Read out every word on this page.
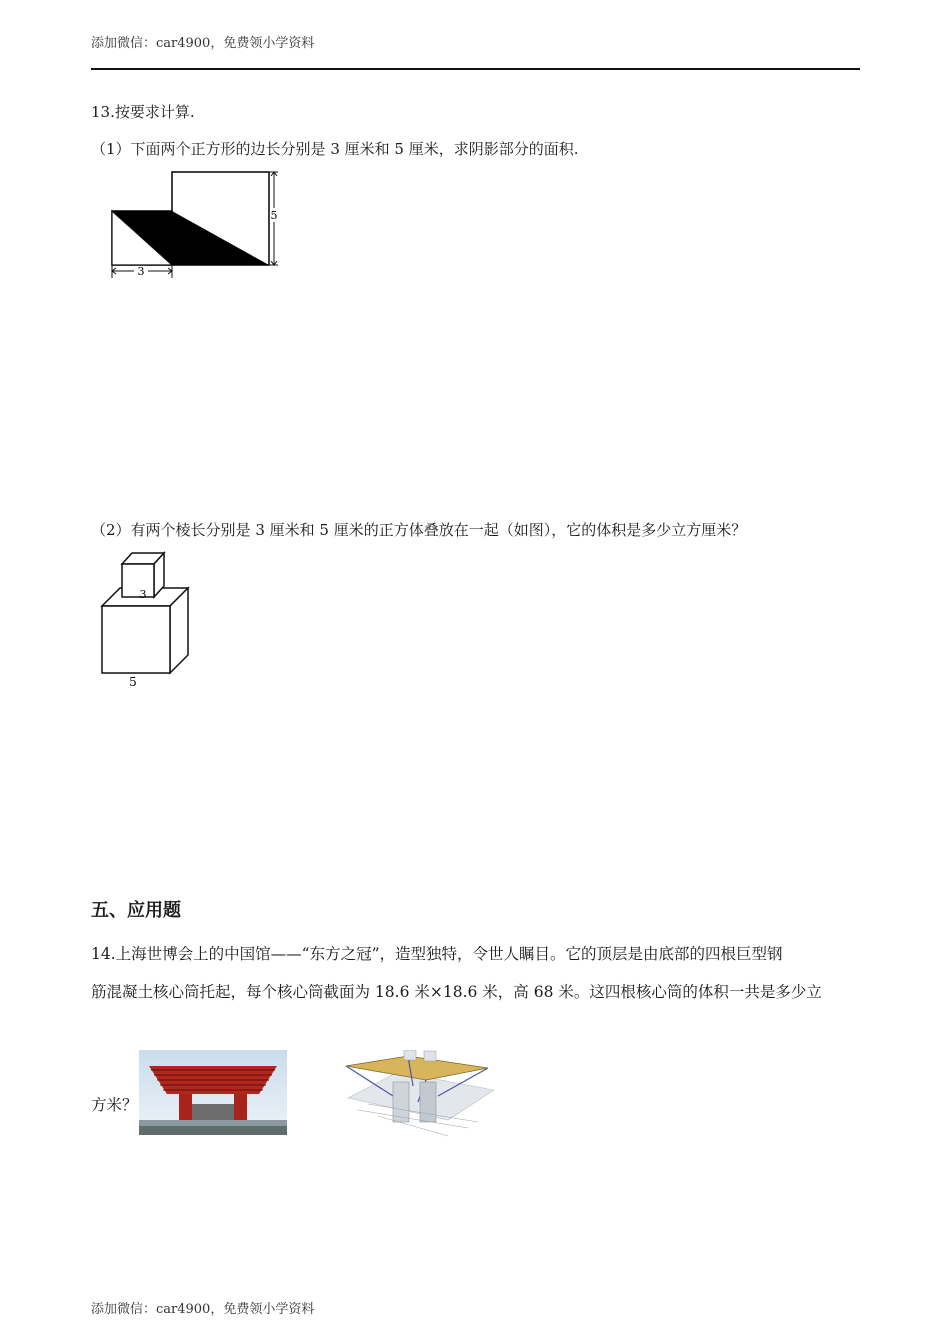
添加微信：car4900，免费领小学资料
13.按要求计算.
（1）下面两个正方形的边长分别是 3 厘米和 5 厘米，求阴影部分的面积.
3
5
（2）有两个棱长分别是 3 厘米和 5 厘米的正方体叠放在一起（如图），它的体积是多少立方厘米？
3
5
五、应用题
14.上海世博会上的中国馆——“东方之冠”，造型独特，令世人瞩目。它的顶层是由底部的四根巨型钢
筋混凝土核心筒托起，每个核心筒截面为 18.6 米×18.6 米，高 68 米。这四根核心筒的体积一共是多少立
方米？
添加微信：car4900，免费领小学资料
